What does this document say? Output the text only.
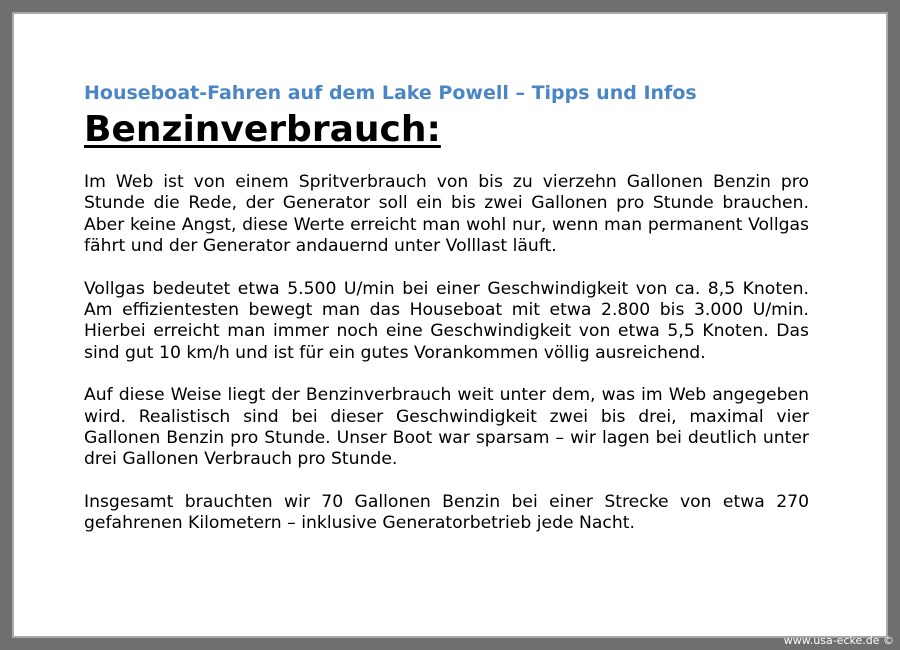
Houseboat-Fahren auf dem Lake Powell – Tipps und Infos

Benzinverbrauch:

Im Web ist von einem Spritverbrauch von bis zu vierzehn Gallonen Benzin pro Stunde die Rede, der Generator soll ein bis zwei Gallonen pro Stunde brauchen. Aber keine Angst, diese Werte erreicht man wohl nur, wenn man permanent Vollgas fährt und der Generator andauernd unter Volllast läuft.

Vollgas bedeutet etwa 5.500 U/min bei einer Geschwindigkeit von ca. 8,5 Knoten. Am effizientesten bewegt man das Houseboat mit etwa 2.800 bis 3.000 U/min. Hierbei erreicht man immer noch eine Geschwindigkeit von etwa 5,5 Knoten. Das sind gut 10 km/h und ist für ein gutes Vorankommen völlig ausreichend.

Auf diese Weise liegt der Benzinverbrauch weit unter dem, was im Web angegeben wird. Realistisch sind bei dieser Geschwindigkeit zwei bis drei, maximal vier Gallonen Benzin pro Stunde. Unser Boot war sparsam – wir lagen bei deutlich unter drei Gallonen Verbrauch pro Stunde.

Insgesamt brauchten wir 70 Gallonen Benzin bei einer Strecke von etwa 270 gefahrenen Kilometern – inklusive Generatorbetrieb jede Nacht.

www.usa-ecke.de ©
